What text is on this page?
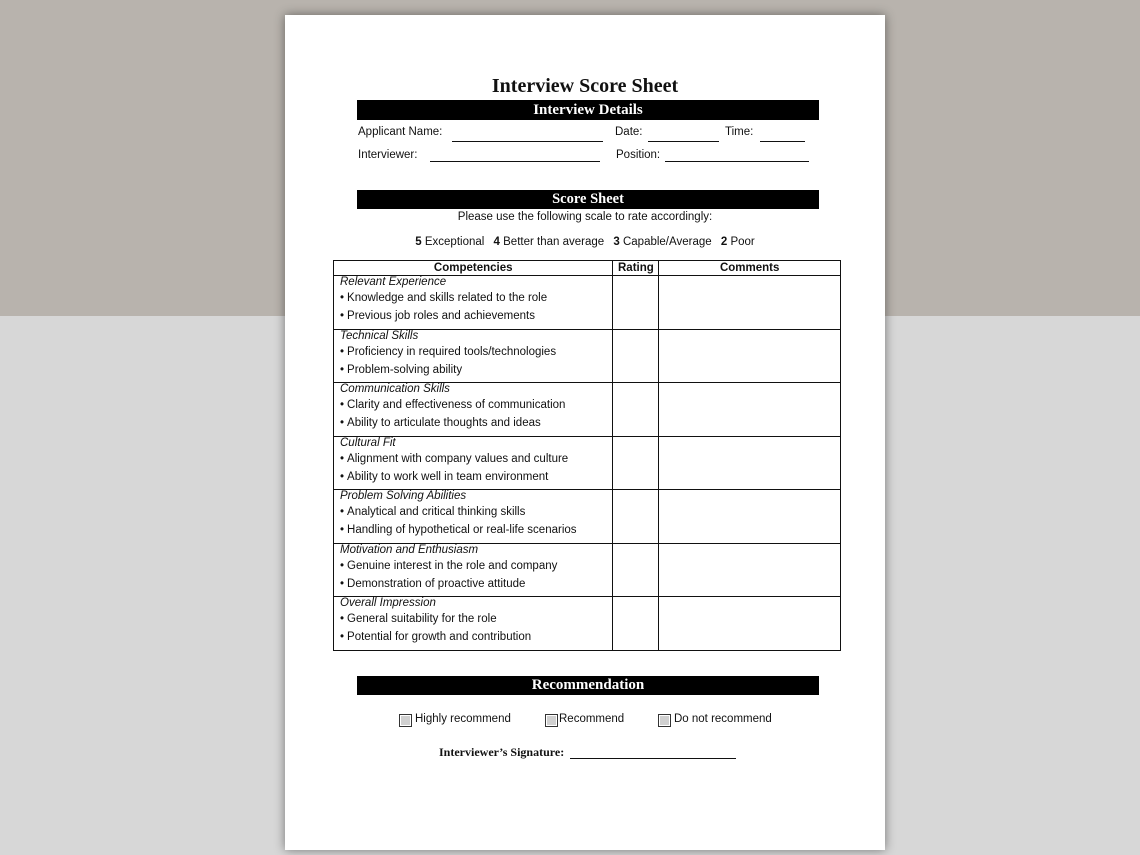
Interview Score Sheet
Interview Details
Applicant Name:	Date:	Time:
Interviewer:	Position:
Score Sheet
Please use the following scale to rate accordingly:
5 Exceptional 4 Better than average 3 Capable/Average 2 Poor
Competencies	Rating	Comments

Relevant Experience
• Knowledge and skills related to the role
• Previous job roles and achievements

Technical Skills
• Proficiency in required tools/technologies
• Problem-solving ability

Communication Skills
• Clarity and effectiveness of communication
• Ability to articulate thoughts and ideas

Cultural Fit
• Alignment with company values and culture
• Ability to work well in team environment

Problem Solving Abilities
• Analytical and critical thinking skills
• Handling of hypothetical or real-life scenarios

Motivation and Enthusiasm
• Genuine interest in the role and company
• Demonstration of proactive attitude

Overall Impression
• General suitability for the role
• Potential for growth and contribution

Recommendation
Highly recommend	Recommend	Do not recommend
Interviewer’s Signature:
